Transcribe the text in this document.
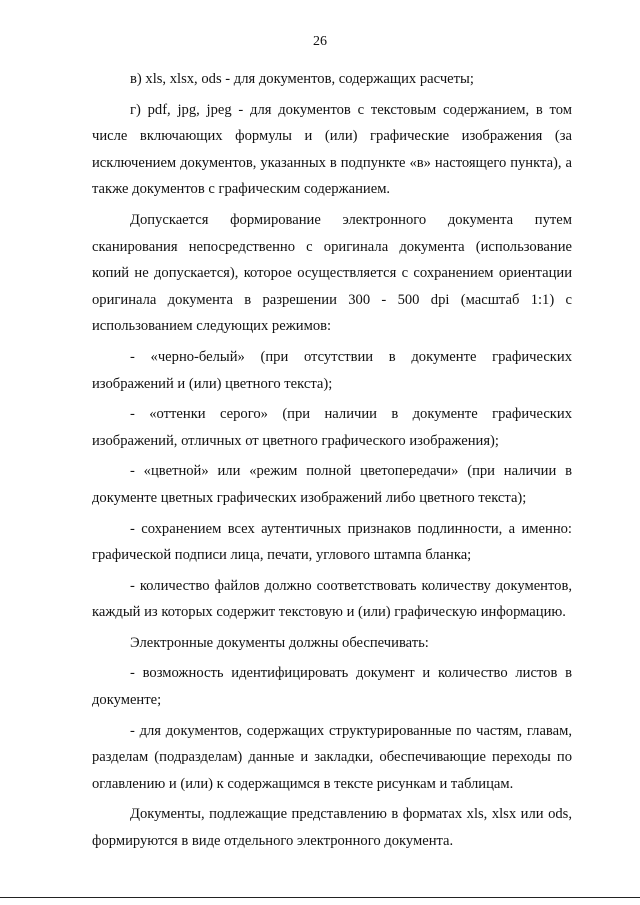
26

в) xls, xlsx, ods - для документов, содержащих расчеты;

г) pdf, jpg, jpeg - для документов с текстовым содержанием, в том числе включающих формулы и (или) графические изображения (за исключением документов, указанных в подпункте «в» настоящего пункта), а также документов с графическим содержанием.

Допускается формирование электронного документа путем сканирования непосредственно с оригинала документа (использование копий не допускается), которое осуществляется с сохранением ориентации оригинала документа в разрешении 300 - 500 dpi (масштаб 1:1) с использованием следующих режимов:

- «черно-белый» (при отсутствии в документе графических изображений и (или) цветного текста);

- «оттенки серого» (при наличии в документе графических изображений, отличных от цветного графического изображения);

- «цветной» или «режим полной цветопередачи» (при наличии в документе цветных графических изображений либо цветного текста);

- сохранением всех аутентичных признаков подлинности, а именно: графической подписи лица, печати, углового штампа бланка;

- количество файлов должно соответствовать количеству документов, каждый из которых содержит текстовую и (или) графическую информацию.

Электронные документы должны обеспечивать:

- возможность идентифицировать документ и количество листов в документе;

- для документов, содержащих структурированные по частям, главам, разделам (подразделам) данные и закладки, обеспечивающие переходы по оглавлению и (или) к содержащимся в тексте рисункам и таблицам.

Документы, подлежащие представлению в форматах xls, xlsx или ods, формируются в виде отдельного электронного документа.
